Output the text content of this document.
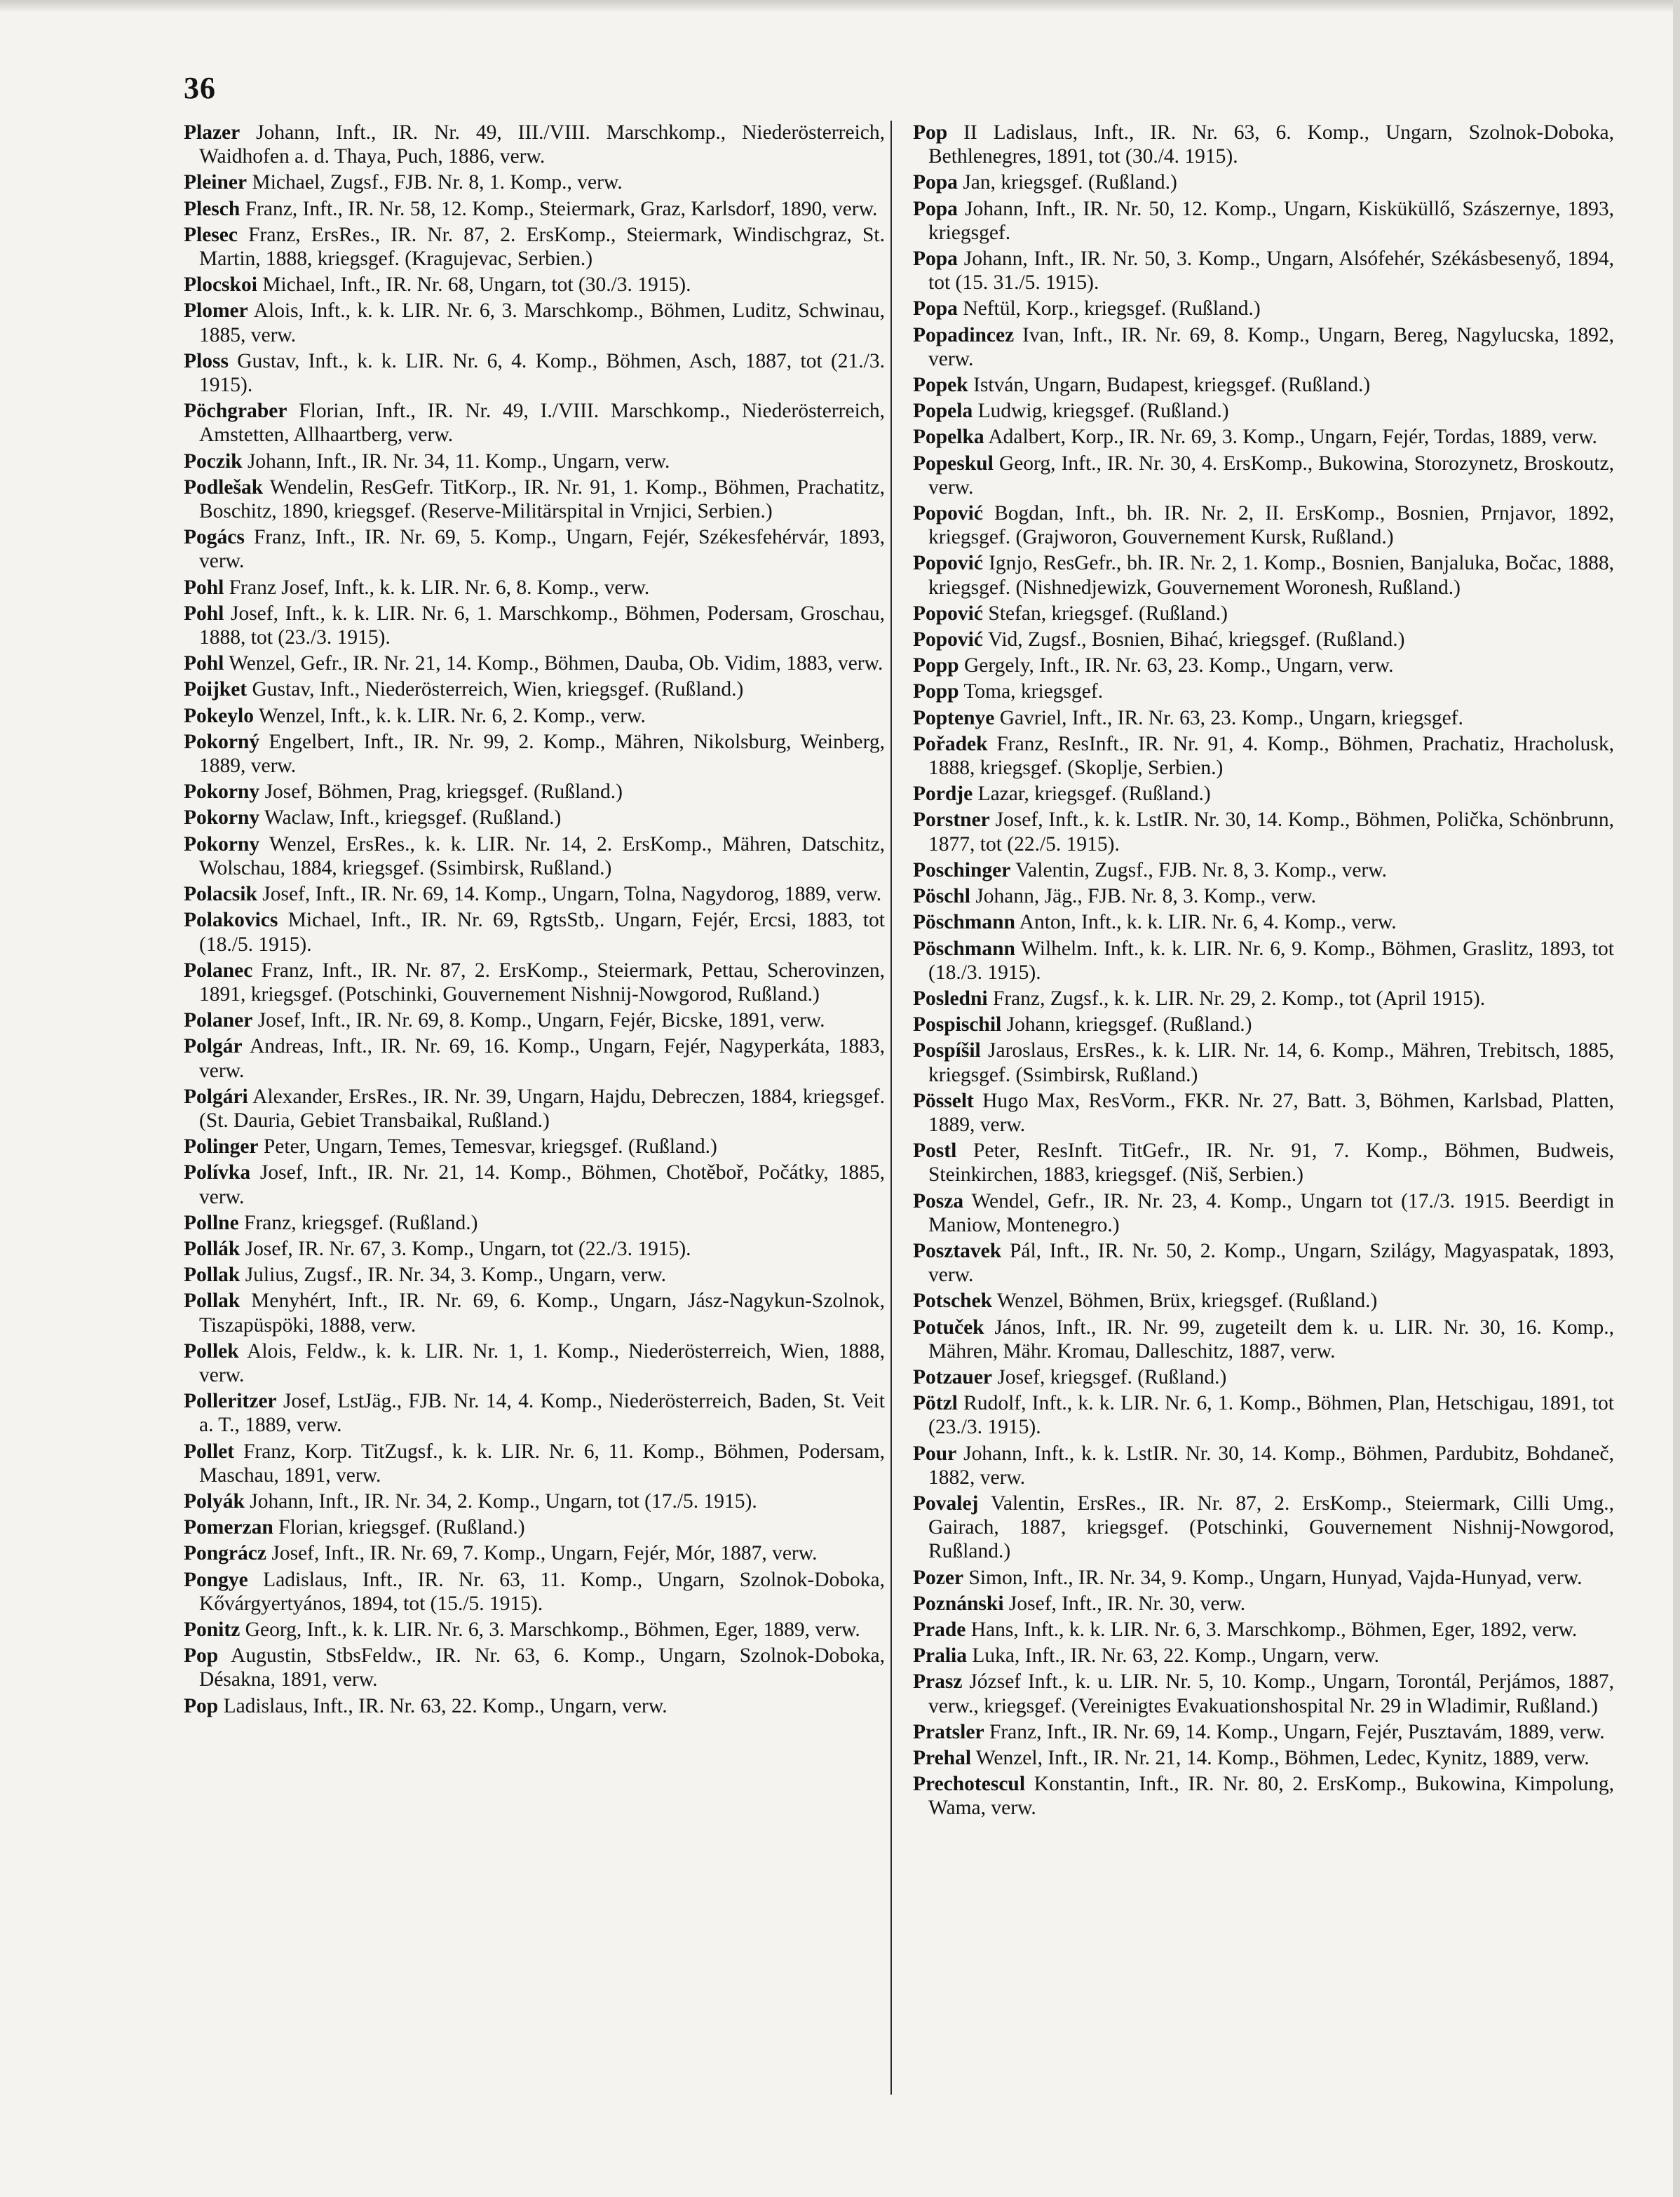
36

Plazer Johann, Inft., IR. Nr. 49, III./VIII. Marschkomp., Niederösterreich, Waidhofen a. d. Thaya, Puch, 1886, verw.

Pleiner Michael, Zugsf., FJB. Nr. 8, 1. Komp., verw.

Plesch Franz, Inft., IR. Nr. 58, 12. Komp., Steiermark, Graz, Karlsdorf, 1890, verw.

Plesec Franz, ErsRes., IR. Nr. 87, 2. ErsKomp., Steiermark, Windischgraz, St. Martin, 1888, kriegsgef. (Kragujevac, Serbien.)

Plocskoi Michael, Inft., IR. Nr. 68, Ungarn, tot (30./3. 1915).

Plomer Alois, Inft., k. k. LIR. Nr. 6, 3. Marschkomp., Böhmen, Luditz, Schwinau, 1885, verw.

Ploss Gustav, Inft., k. k. LIR. Nr. 6, 4. Komp., Böhmen, Asch, 1887, tot (21./3. 1915).

Pöchgraber Florian, Inft., IR. Nr. 49, I./VIII. Marschkomp., Niederösterreich, Amstetten, Allhaartberg, verw.

Poczik Johann, Inft., IR. Nr. 34, 11. Komp., Ungarn, verw.

Podlešak Wendelin, ResGefr. TitKorp., IR. Nr. 91, 1. Komp., Böhmen, Prachatitz, Boschitz, 1890, kriegsgef. (Reserve-Militärspital in Vrnjici, Serbien.)

Pogács Franz, Inft., IR. Nr. 69, 5. Komp., Ungarn, Fejér, Székesfehérvár, 1893, verw.

Pohl Franz Josef, Inft., k. k. LIR. Nr. 6, 8. Komp., verw.

Pohl Josef, Inft., k. k. LIR. Nr. 6, 1. Marschkomp., Böhmen, Podersam, Groschau, 1888, tot (23./3. 1915).

Pohl Wenzel, Gefr., IR. Nr. 21, 14. Komp., Böhmen, Dauba, Ob. Vidim, 1883, verw.

Poijket Gustav, Inft., Niederösterreich, Wien, kriegsgef. (Rußland.)

Pokeylo Wenzel, Inft., k. k. LIR. Nr. 6, 2. Komp., verw.

Pokorný Engelbert, Inft., IR. Nr. 99, 2. Komp., Mähren, Nikolsburg, Weinberg, 1889, verw.

Pokorny Josef, Böhmen, Prag, kriegsgef. (Rußland.)

Pokorny Waclaw, Inft., kriegsgef. (Rußland.)

Pokorny Wenzel, ErsRes., k. k. LIR. Nr. 14, 2. ErsKomp., Mähren, Datschitz, Wolschau, 1884, kriegsgef. (Ssimbirsk, Rußland.)

Polacsik Josef, Inft., IR. Nr. 69, 14. Komp., Ungarn, Tolna, Nagydorog, 1889, verw.

Polakovics Michael, Inft., IR. Nr. 69, RgtsStb,. Ungarn, Fejér, Ercsi, 1883, tot (18./5. 1915).

Polanec Franz, Inft., IR. Nr. 87, 2. ErsKomp., Steiermark, Pettau, Scherovinzen, 1891, kriegsgef. (Potschinki, Gouvernement Nishnij-Nowgorod, Rußland.)

Polaner Josef, Inft., IR. Nr. 69, 8. Komp., Ungarn, Fejér, Bicske, 1891, verw.

Polgár Andreas, Inft., IR. Nr. 69, 16. Komp., Ungarn, Fejér, Nagyperkáta, 1883, verw.

Polgári Alexander, ErsRes., IR. Nr. 39, Ungarn, Hajdu, Debreczen, 1884, kriegsgef. (St. Dauria, Gebiet Transbaikal, Rußland.)

Polinger Peter, Ungarn, Temes, Temesvar, kriegsgef. (Rußland.)

Polívka Josef, Inft., IR. Nr. 21, 14. Komp., Böhmen, Chotěboř, Počátky, 1885, verw.

Pollne Franz, kriegsgef. (Rußland.)

Pollák Josef, IR. Nr. 67, 3. Komp., Ungarn, tot (22./3. 1915).

Pollak Julius, Zugsf., IR. Nr. 34, 3. Komp., Ungarn, verw.

Pollak Menyhért, Inft., IR. Nr. 69, 6. Komp., Ungarn, Jász-Nagykun-Szolnok, Tiszapüspöki, 1888, verw.

Pollek Alois, Feldw., k. k. LIR. Nr. 1, 1. Komp., Niederösterreich, Wien, 1888, verw.

Polleritzer Josef, LstJäg., FJB. Nr. 14, 4. Komp., Niederösterreich, Baden, St. Veit a. T., 1889, verw.

Pollet Franz, Korp. TitZugsf., k. k. LIR. Nr. 6, 11. Komp., Böhmen, Podersam, Maschau, 1891, verw.

Polyák Johann, Inft., IR. Nr. 34, 2. Komp., Ungarn, tot (17./5. 1915).

Pomerzan Florian, kriegsgef. (Rußland.)

Pongrácz Josef, Inft., IR. Nr. 69, 7. Komp., Ungarn, Fejér, Mór, 1887, verw.

Pongye Ladislaus, Inft., IR. Nr. 63, 11. Komp., Ungarn, Szolnok-Doboka, Kővárgyertyános, 1894, tot (15./5. 1915).

Ponitz Georg, Inft., k. k. LIR. Nr. 6, 3. Marschkomp., Böhmen, Eger, 1889, verw.

Pop Augustin, StbsFeldw., IR. Nr. 63, 6. Komp., Ungarn, Szolnok-Doboka, Désakna, 1891, verw.

Pop Ladislaus, Inft., IR. Nr. 63, 22. Komp., Ungarn, verw.

Pop II Ladislaus, Inft., IR. Nr. 63, 6. Komp., Ungarn, Szolnok-Doboka, Bethlenegres, 1891, tot (30./4. 1915).

Popa Jan, kriegsgef. (Rußland.)

Popa Johann, Inft., IR. Nr. 50, 12. Komp., Ungarn, Kisküküllő, Szászernye, 1893, kriegsgef.

Popa Johann, Inft., IR. Nr. 50, 3. Komp., Ungarn, Alsófehér, Székásbesenyő, 1894, tot (15. 31./5. 1915).

Popa Neftül, Korp., kriegsgef. (Rußland.)

Popadincez Ivan, Inft., IR. Nr. 69, 8. Komp., Ungarn, Bereg, Nagylucska, 1892, verw.

Popek István, Ungarn, Budapest, kriegsgef. (Rußland.)

Popela Ludwig, kriegsgef. (Rußland.)

Popelka Adalbert, Korp., IR. Nr. 69, 3. Komp., Ungarn, Fejér, Tordas, 1889, verw.

Popeskul Georg, Inft., IR. Nr. 30, 4. ErsKomp., Bukowina, Storozynetz, Broskoutz, verw.

Popović Bogdan, Inft., bh. IR. Nr. 2, II. ErsKomp., Bosnien, Prnjavor, 1892, kriegsgef. (Grajworon, Gouvernement Kursk, Rußland.)

Popović Ignjo, ResGefr., bh. IR. Nr. 2, 1. Komp., Bosnien, Banjaluka, Bočac, 1888, kriegsgef. (Nishnedjewizk, Gouvernement Woronesh, Rußland.)

Popović Stefan, kriegsgef. (Rußland.)

Popović Vid, Zugsf., Bosnien, Bihać, kriegsgef. (Rußland.)

Popp Gergely, Inft., IR. Nr. 63, 23. Komp., Ungarn, verw.

Popp Toma, kriegsgef.

Poptenye Gavriel, Inft., IR. Nr. 63, 23. Komp., Ungarn, kriegsgef.

Pořadek Franz, ResInft., IR. Nr. 91, 4. Komp., Böhmen, Prachatiz, Hracholusk, 1888, kriegsgef. (Skoplje, Serbien.)

Pordje Lazar, kriegsgef. (Rußland.)

Porstner Josef, Inft., k. k. LstIR. Nr. 30, 14. Komp., Böhmen, Polička, Schönbrunn, 1877, tot (22./5. 1915).

Poschinger Valentin, Zugsf., FJB. Nr. 8, 3. Komp., verw.

Pöschl Johann, Jäg., FJB. Nr. 8, 3. Komp., verw.

Pöschmann Anton, Inft., k. k. LIR. Nr. 6, 4. Komp., verw.

Pöschmann Wilhelm. Inft., k. k. LIR. Nr. 6, 9. Komp., Böhmen, Graslitz, 1893, tot (18./3. 1915).

Posledni Franz, Zugsf., k. k. LIR. Nr. 29, 2. Komp., tot (April 1915).

Pospischil Johann, kriegsgef. (Rußland.)

Pospíšil Jaroslaus, ErsRes., k. k. LIR. Nr. 14, 6. Komp., Mähren, Trebitsch, 1885, kriegsgef. (Ssimbirsk, Rußland.)

Pösselt Hugo Max, ResVorm., FKR. Nr. 27, Batt. 3, Böhmen, Karlsbad, Platten, 1889, verw.

Postl Peter, ResInft. TitGefr., IR. Nr. 91, 7. Komp., Böhmen, Budweis, Steinkirchen, 1883, kriegsgef. (Niš, Serbien.)

Posza Wendel, Gefr., IR. Nr. 23, 4. Komp., Ungarn tot (17./3. 1915. Beerdigt in Maniow, Montenegro.)

Posztavek Pál, Inft., IR. Nr. 50, 2. Komp., Ungarn, Szilágy, Magyaspatak, 1893, verw.

Potschek Wenzel, Böhmen, Brüx, kriegsgef. (Rußland.)

Potuček János, Inft., IR. Nr. 99, zugeteilt dem k. u. LIR. Nr. 30, 16. Komp., Mähren, Mähr. Kromau, Dalleschitz, 1887, verw.

Potzauer Josef, kriegsgef. (Rußland.)

Pötzl Rudolf, Inft., k. k. LIR. Nr. 6, 1. Komp., Böhmen, Plan, Hetschigau, 1891, tot (23./3. 1915).

Pour Johann, Inft., k. k. LstIR. Nr. 30, 14. Komp., Böhmen, Pardubitz, Bohdaneč, 1882, verw.

Povalej Valentin, ErsRes., IR. Nr. 87, 2. ErsKomp., Steiermark, Cilli Umg., Gairach, 1887, kriegsgef. (Potschinki, Gouvernement Nishnij-Nowgorod, Rußland.)

Pozer Simon, Inft., IR. Nr. 34, 9. Komp., Ungarn, Hunyad, Vajda-Hunyad, verw.

Poznánski Josef, Inft., IR. Nr. 30, verw.

Prade Hans, Inft., k. k. LIR. Nr. 6, 3. Marschkomp., Böhmen, Eger, 1892, verw.

Pralia Luka, Inft., IR. Nr. 63, 22. Komp., Ungarn, verw.

Prasz József Inft., k. u. LIR. Nr. 5, 10. Komp., Ungarn, Torontál, Perjámos, 1887, verw., kriegsgef. (Vereinigtes Evakuationshospital Nr. 29 in Wladimir, Rußland.)

Pratsler Franz, Inft., IR. Nr. 69, 14. Komp., Ungarn, Fejér, Pusztavám, 1889, verw.

Prehal Wenzel, Inft., IR. Nr. 21, 14. Komp., Böhmen, Ledec, Kynitz, 1889, verw.

Prechotescul Konstantin, Inft., IR. Nr. 80, 2. ErsKomp., Bukowina, Kimpolung, Wama, verw.
